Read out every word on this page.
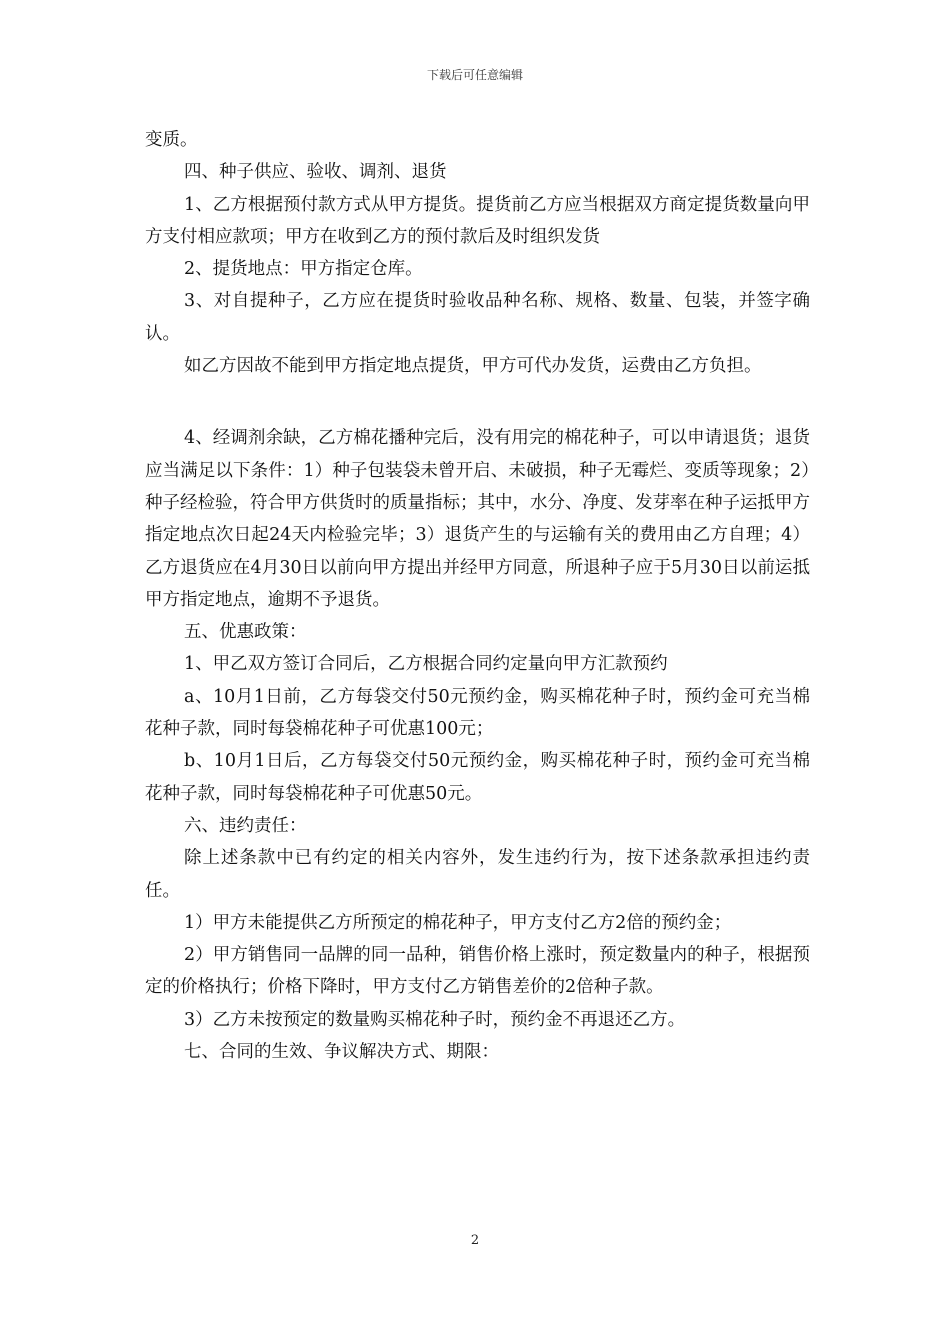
下载后可任意编辑

变质。

四、种子供应、验收、调剂、退货

1、乙方根据预付款方式从甲方提货。提货前乙方应当根据双方商定提货数量向甲方支付相应款项；甲方在收到乙方的预付款后及时组织发货

2、提货地点：甲方指定仓库。

3、对自提种子，乙方应在提货时验收品种名称、规格、数量、包装，并签字确认。

如乙方因故不能到甲方指定地点提货，甲方可代办发货，运费由乙方负担。

4、经调剂余缺，乙方棉花播种完后，没有用完的棉花种子，可以申请退货；退货应当满足以下条件：1）种子包装袋未曾开启、未破损，种子无霉烂、变质等现象；2）种子经检验，符合甲方供货时的质量指标；其中，水分、净度、发芽率在种子运抵甲方指定地点次日起24天内检验完毕；3）退货产生的与运输有关的费用由乙方自理；4）乙方退货应在4月30日以前向甲方提出并经甲方同意，所退种子应于5月30日以前运抵甲方指定地点，逾期不予退货。

五、优惠政策：

1、甲乙双方签订合同后，乙方根据合同约定量向甲方汇款预约

a、10月1日前，乙方每袋交付50元预约金，购买棉花种子时，预约金可充当棉花种子款，同时每袋棉花种子可优惠100元；

b、10月1日后，乙方每袋交付50元预约金，购买棉花种子时，预约金可充当棉花种子款，同时每袋棉花种子可优惠50元。

六、违约责任：

除上述条款中已有约定的相关内容外，发生违约行为，按下述条款承担违约责任。

1）甲方未能提供乙方所预定的棉花种子，甲方支付乙方2倍的预约金；

2）甲方销售同一品牌的同一品种，销售价格上涨时，预定数量内的种子，根据预定的价格执行；价格下降时，甲方支付乙方销售差价的2倍种子款。

3）乙方未按预定的数量购买棉花种子时，预约金不再退还乙方。

七、合同的生效、争议解决方式、期限：

2
